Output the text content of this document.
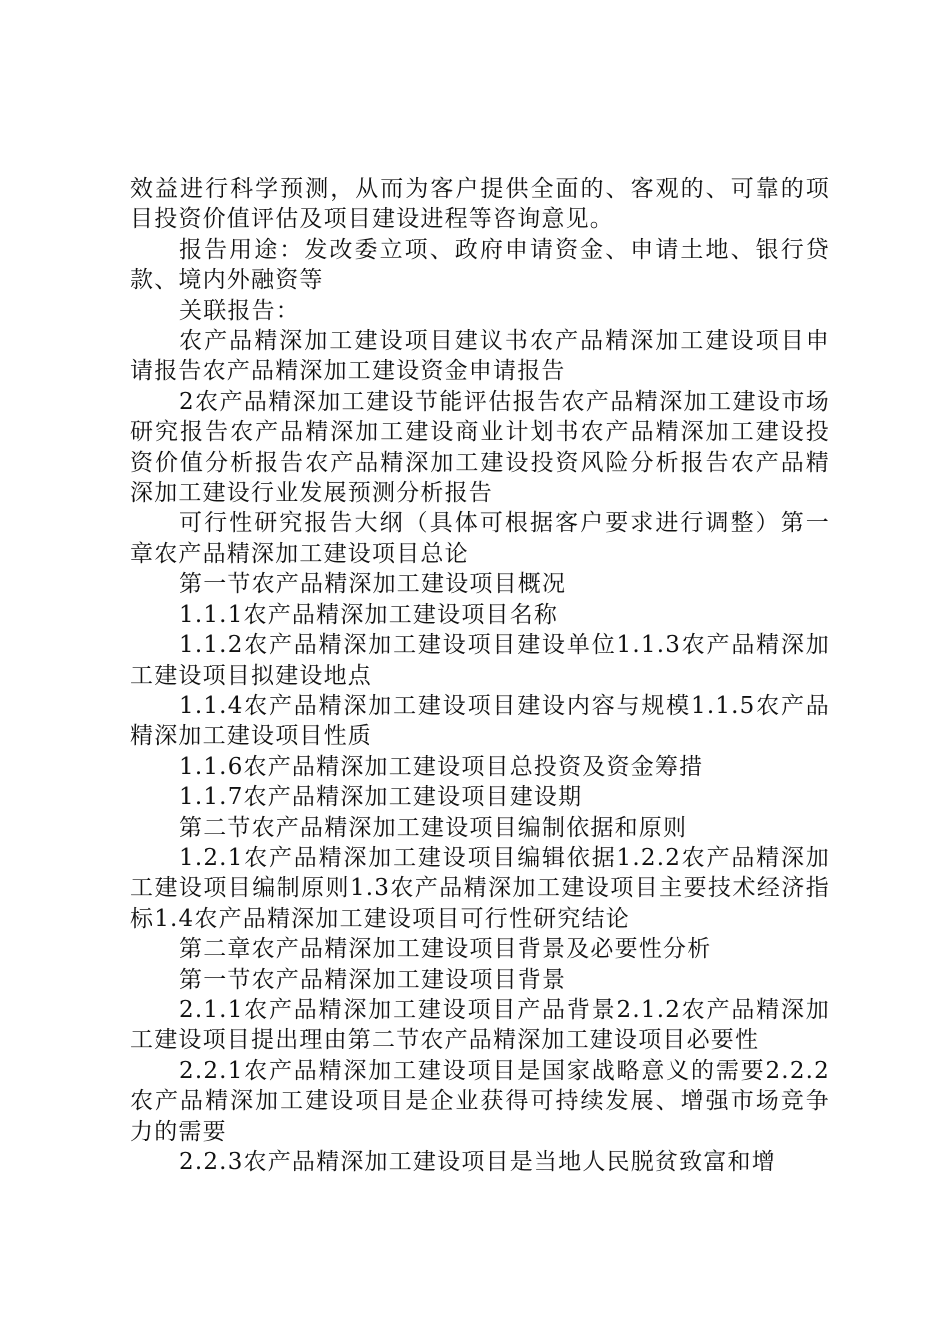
效益进行科学预测，从而为客户提供全面的、客观的、可靠的项目投资价值评估及项目建设进程等咨询意见。

报告用途：发改委立项、政府申请资金、申请土地、银行贷款、境内外融资等

关联报告：

农产品精深加工建设项目建议书农产品精深加工建设项目申请报告农产品精深加工建设资金申请报告

2农产品精深加工建设节能评估报告农产品精深加工建设市场研究报告农产品精深加工建设商业计划书农产品精深加工建设投资价值分析报告农产品精深加工建设投资风险分析报告农产品精深加工建设行业发展预测分析报告

可行性研究报告大纲（具体可根据客户要求进行调整）第一章农产品精深加工建设项目总论

第一节农产品精深加工建设项目概况

1.1.1农产品精深加工建设项目名称

1.1.2农产品精深加工建设项目建设单位1.1.3农产品精深加工建设项目拟建设地点

1.1.4农产品精深加工建设项目建设内容与规模1.1.5农产品精深加工建设项目性质

1.1.6农产品精深加工建设项目总投资及资金筹措

1.1.7农产品精深加工建设项目建设期

第二节农产品精深加工建设项目编制依据和原则

1.2.1农产品精深加工建设项目编辑依据1.2.2农产品精深加工建设项目编制原则1.3农产品精深加工建设项目主要技术经济指标1.4农产品精深加工建设项目可行性研究结论

第二章农产品精深加工建设项目背景及必要性分析

第一节农产品精深加工建设项目背景

2.1.1农产品精深加工建设项目产品背景2.1.2农产品精深加工建设项目提出理由第二节农产品精深加工建设项目必要性

2.2.1农产品精深加工建设项目是国家战略意义的需要2.2.2农产品精深加工建设项目是企业获得可持续发展、增强市场竞争力的需要

2.2.3农产品精深加工建设项目是当地人民脱贫致富和增
